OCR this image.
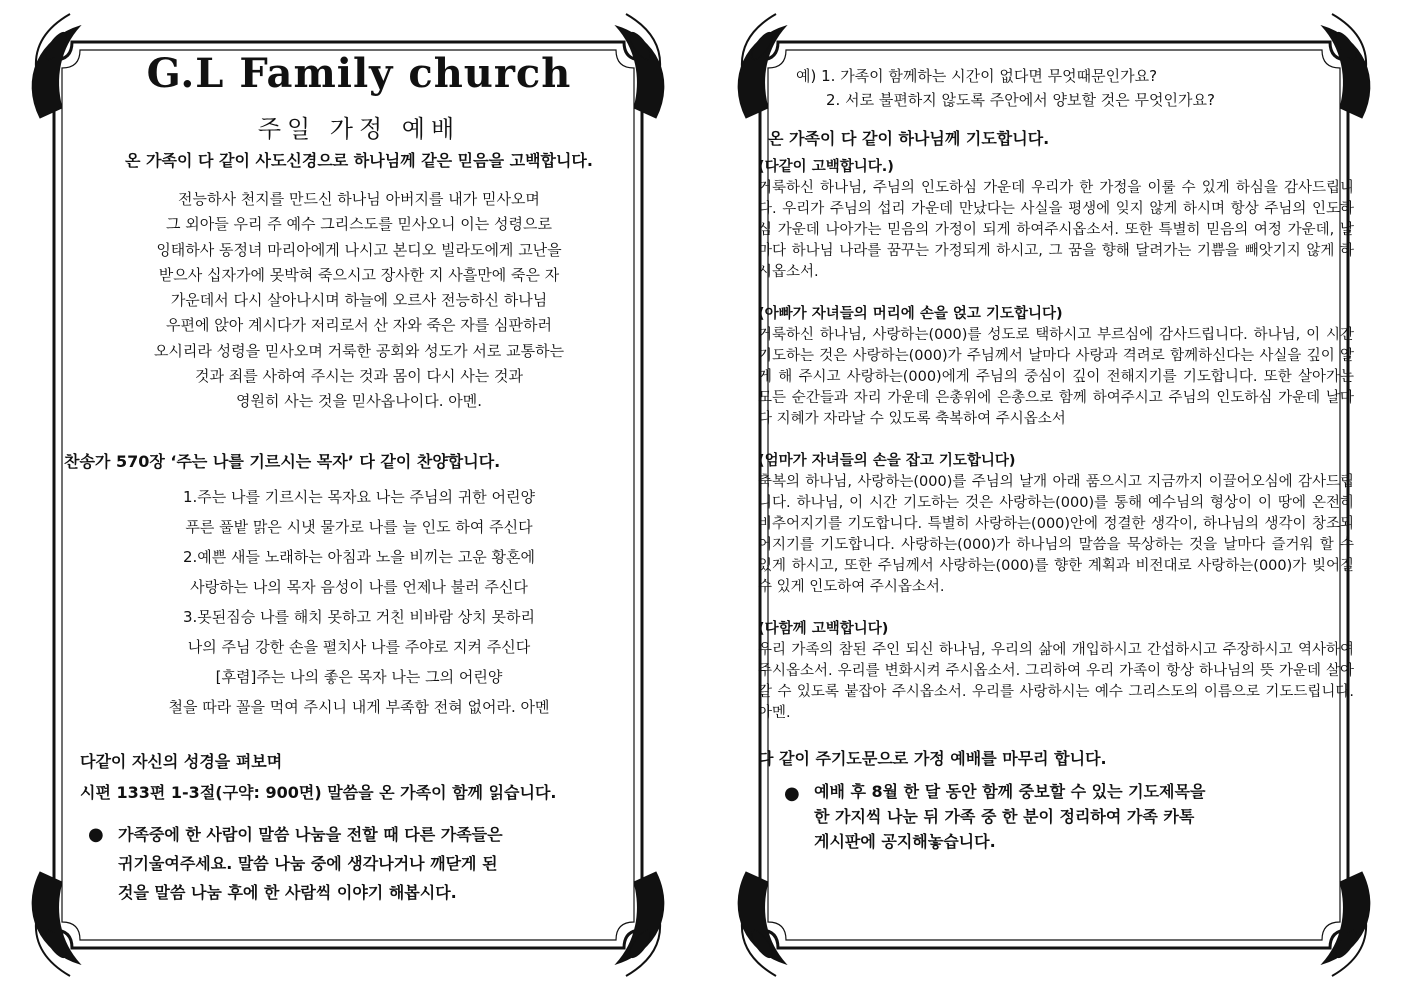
G.L Family church
주일 가정 예배

온 가족이 다 같이 사도신경으로 하나님께 같은 믿음을 고백합니다.

전능하사 천지를 만드신 하나님 아버지를 내가 믿사오며

그 외아들 우리 주 예수 그리스도를 믿사오니 이는 성령으로

잉태하사 동정녀 마리아에게 나시고 본디오 빌라도에게 고난을

받으사 십자가에 못박혀 죽으시고 장사한 지 사흘만에 죽은 자

가운데서 다시 살아나시며 하늘에 오르사 전능하신 하나님

우편에 앉아 계시다가 저리로서 산 자와 죽은 자를 심판하러

오시리라 성령을 믿사오며 거룩한 공회와 성도가 서로 교통하는

것과 죄를 사하여 주시는 것과 몸이 다시 사는 것과

영원히 사는 것을 믿사옵나이다. 아멘.

찬송가 570장 ‘주는 나를 기르시는 목자’ 다 같이 찬양합니다.

1.주는 나를 기르시는 목자요 나는 주님의 귀한 어린양

푸른 풀밭 맑은 시냇 물가로 나를 늘 인도 하여 주신다

2.예쁜 새들 노래하는 아침과 노을 비끼는 고운 황혼에

사랑하는 나의 목자 음성이 나를 언제나 불러 주신다

3.못된짐승 나를 해치 못하고 거친 비바람 상치 못하리

나의 주님 강한 손을 펼치사 나를 주야로 지켜 주신다

[후렴]주는 나의 좋은 목자 나는 그의 어린양

철을 따라 꼴을 먹여 주시니 내게 부족함 전혀 없어라. 아멘

다같이 자신의 성경을 펴보며

시편 133편 1-3절(구약: 900면) 말씀을 온 가족이 함께 읽습니다.

● 가족중에 한 사람이 말씀 나눔을 전할 때 다른 가족들은

귀기울여주세요. 말씀 나눔 중에 생각나거나 깨닫게 된

것을 말씀 나눔 후에 한 사람씩 이야기 해봅시다.

예) 1. 가족이 함께하는 시간이 없다면 무엇때문인가요?

2. 서로 불편하지 않도록 주안에서 양보할 것은 무엇인가요?

온 가족이 다 같이 하나님께 기도합니다.

(다같이 고백합니다.)

거룩하신 하나님, 주님의 인도하심 가운데 우리가 한 가정을 이룰 수 있게 하심을 감사드립니다. 우리가 주님의 섭리 가운데 만났다는 사실을 평생에 잊지 않게 하시며 항상 주님의 인도하심 가운데 나아가는 믿음의 가정이 되게 하여주시옵소서. 또한 특별히 믿음의 여정 가운데, 날마다 하나님 나라를 꿈꾸는 가정되게 하시고, 그 꿈을 향해 달려가는 기쁨을 빼앗기지 않게 하시옵소서.

(아빠가 자녀들의 머리에 손을 얹고 기도합니다)

거룩하신 하나님, 사랑하는(000)를 성도로 택하시고 부르심에 감사드립니다. 하나님, 이 시간 기도하는 것은 사랑하는(000)가 주님께서 날마다 사랑과 격려로 함께하신다는 사실을 깊이 알게 해 주시고 사랑하는(000)에게 주님의 중심이 깊이 전해지기를 기도합니다. 또한 살아가는 모든 순간들과 자리 가운데 은총위에 은총으로 함께 하여주시고 주님의 인도하심 가운데 날마다 지혜가 자라날 수 있도록 축복하여 주시옵소서

(엄마가 자녀들의 손을 잡고 기도합니다)

축복의 하나님, 사랑하는(000)를 주님의 날개 아래 품으시고 지금까지 이끌어오심에 감사드립니다. 하나님, 이 시간 기도하는 것은 사랑하는(000)를 통해 예수님의 형상이 이 땅에 온전히 비추어지기를 기도합니다. 특별히 사랑하는(000)안에 정결한 생각이, 하나님의 생각이 창조되어지기를 기도합니다. 사랑하는(000)가 하나님의 말씀을 묵상하는 것을 날마다 즐거워 할 수 있게 하시고, 또한 주님께서 사랑하는(000)를 향한 계획과 비전대로 사랑하는(000)가 빚어질 수 있게 인도하여 주시옵소서.

(다함께 고백합니다)

우리 가족의 참된 주인 되신 하나님, 우리의 삶에 개입하시고 간섭하시고 주장하시고 역사하여 주시옵소서. 우리를 변화시켜 주시옵소서. 그리하여 우리 가족이 항상 하나님의 뜻 가운데 살아 갈 수 있도록 붙잡아 주시옵소서. 우리를 사랑하시는 예수 그리스도의 이름으로 기도드립니다. 아멘.

다 같이 주기도문으로 가정 예배를 마무리 합니다.

● 예배 후 8월 한 달 동안 함께 중보할 수 있는 기도제목을

한 가지씩 나눈 뒤 가족 중 한 분이 정리하여 가족 카톡

게시판에 공지해놓습니다.
